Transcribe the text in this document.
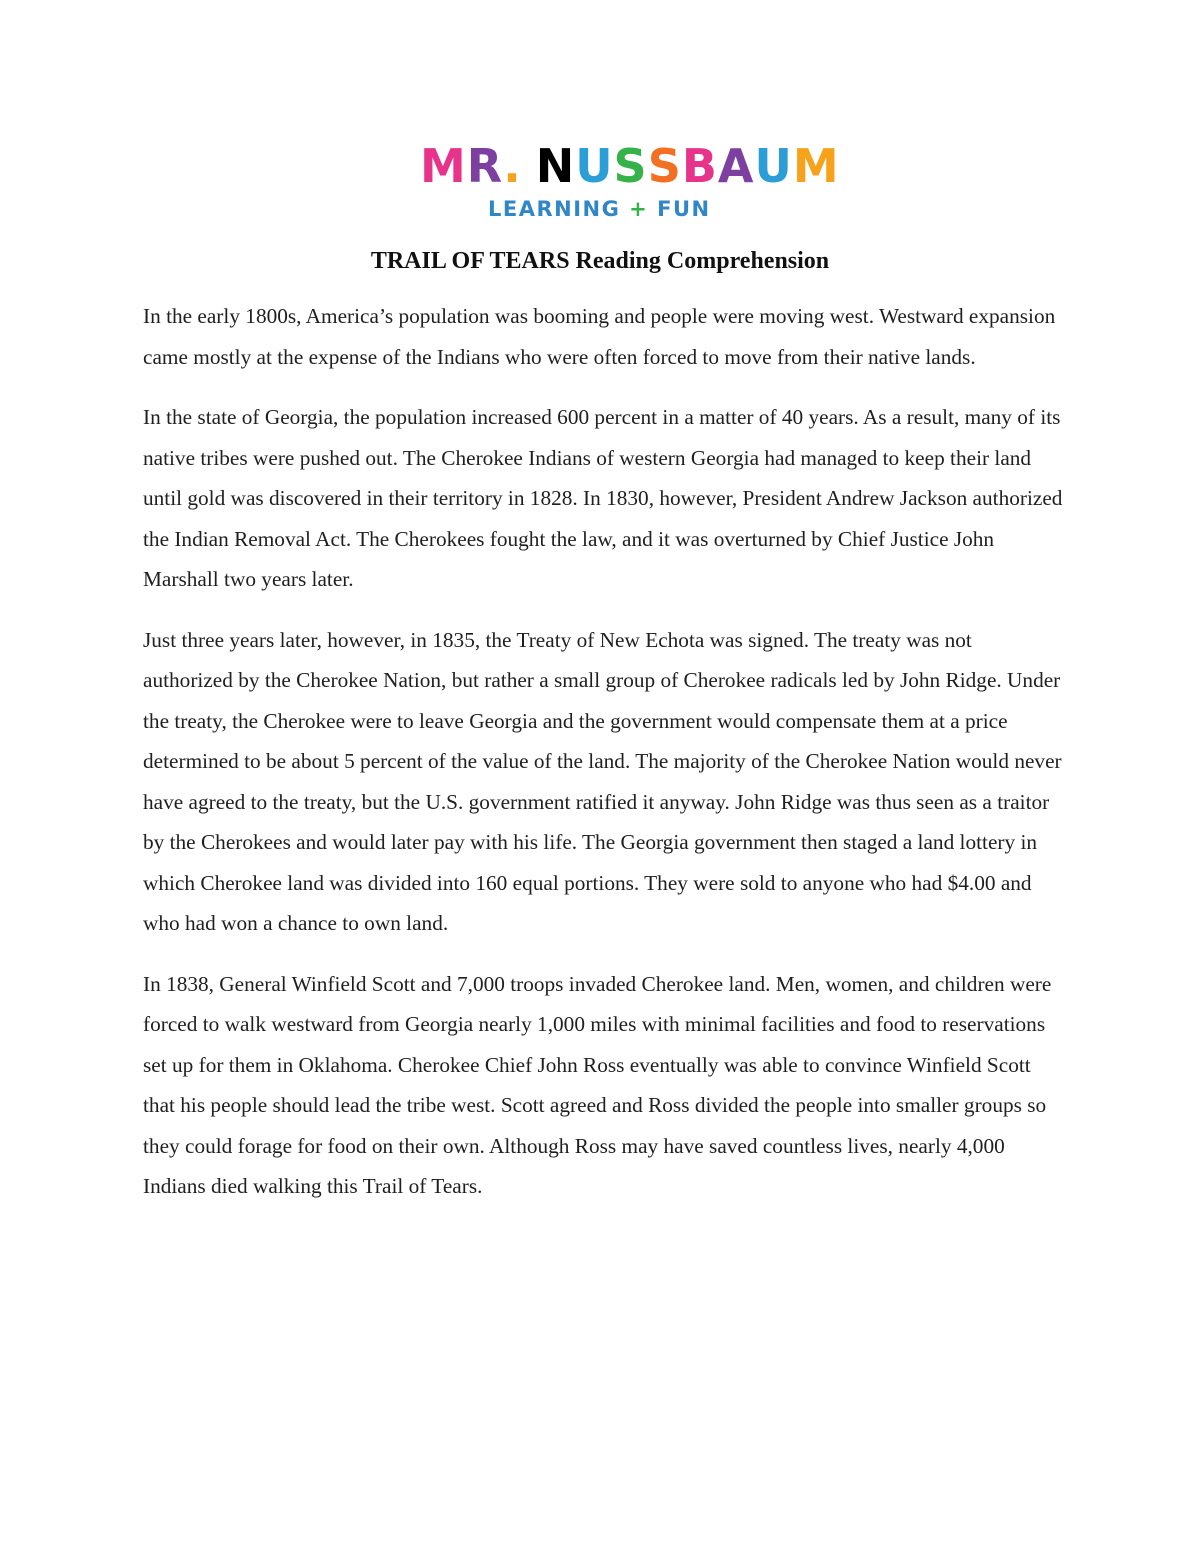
MR. NUSSBAUM
LEARNING + FUN
TRAIL OF TEARS Reading Comprehension

In the early 1800s, America’s population was booming and people were moving west. Westward expansion came mostly at the expense of the Indians who were often forced to move from their native lands.

In the state of Georgia, the population increased 600 percent in a matter of 40 years. As a result, many of its native tribes were pushed out. The Cherokee Indians of western Georgia had managed to keep their land until gold was discovered in their territory in 1828. In 1830, however, President Andrew Jackson authorized the Indian Removal Act. The Cherokees fought the law, and it was overturned by Chief Justice John Marshall two years later.

Just three years later, however, in 1835, the Treaty of New Echota was signed. The treaty was not authorized by the Cherokee Nation, but rather a small group of Cherokee radicals led by John Ridge. Under the treaty, the Cherokee were to leave Georgia and the government would compensate them at a price determined to be about 5 percent of the value of the land. The majority of the Cherokee Nation would never have agreed to the treaty, but the U.S. government ratified it anyway. John Ridge was thus seen as a traitor by the Cherokees and would later pay with his life. The Georgia government then staged a land lottery in which Cherokee land was divided into 160 equal portions. They were sold to anyone who had $4.00 and who had won a chance to own land.

In 1838, General Winfield Scott and 7,000 troops invaded Cherokee land. Men, women, and children were forced to walk westward from Georgia nearly 1,000 miles with minimal facilities and food to reservations set up for them in Oklahoma. Cherokee Chief John Ross eventually was able to convince Winfield Scott that his people should lead the tribe west. Scott agreed and Ross divided the people into smaller groups so they could forage for food on their own. Although Ross may have saved countless lives, nearly 4,000 Indians died walking this Trail of Tears.
